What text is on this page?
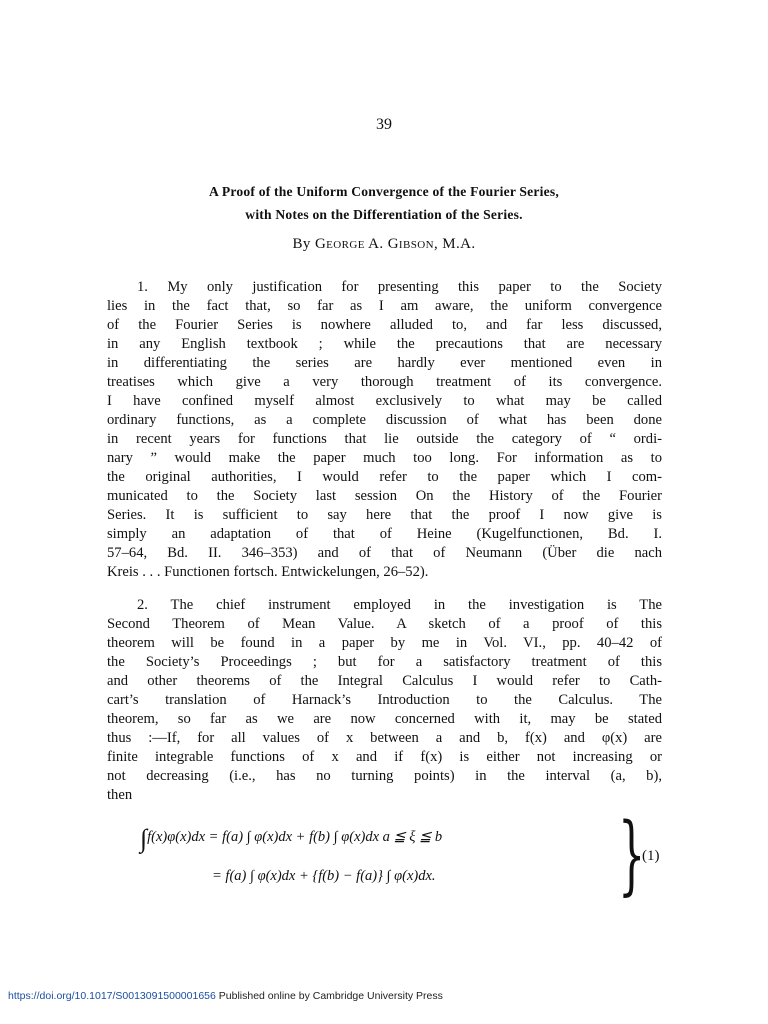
39
A Proof of the Uniform Convergence of the Fourier Series,
with Notes on the Differentiation of the Series.
By George A. Gibson, M.A.
1. My only justification for presenting this paper to the Society
lies in the fact that, so far as I am aware, the uniform convergence
of the Fourier Series is nowhere alluded to, and far less discussed,
in any English textbook ; while the precautions that are necessary
in differentiating the series are hardly ever mentioned even in
treatises which give a very thorough treatment of its convergence.
I have confined myself almost exclusively to what may be called
ordinary functions, as a complete discussion of what has been done
in recent years for functions that lie outside the category of “ ordi-
nary ” would make the paper much too long. For information as to
the original authorities, I would refer to the paper which I com-
municated to the Society last session On the History of the Fourier
Series. It is sufficient to say here that the proof I now give is
simply an adaptation of that of Heine (Kugelfunctionen, Bd. I.
57–64, Bd. II. 346–353) and of that of Neumann (Über die nach
Kreis . . . Functionen fortsch. Entwickelungen, 26–52).
2. The chief instrument employed in the investigation is The
Second Theorem of Mean Value. A sketch of a proof of this
theorem will be found in a paper by me in Vol. VI., pp. 40–42 of
the Society’s Proceedings ; but for a satisfactory treatment of this
and other theorems of the Integral Calculus I would refer to Cath-
cart’s translation of Harnack’s Introduction to the Calculus. The
theorem, so far as we are now concerned with it, may be stated
thus :—If, for all values of x between a and b, f(x) and φ(x) are
finite integrable functions of x and if f(x) is either not increasing or
not decreasing (i.e., has no turning points) in the interval (a, b),
then
∫f(x)φ(x)dx = f(a) ∫ φ(x)dx + f(b) ∫ φ(x)dx a ≦ ξ ≦ b
= f(a) ∫ φ(x)dx + {f(b) − f(a)} ∫ φ(x)dx. }
(1)
https://doi.org/10.1017/S0013091500001656 Published online by Cambridge University Press
